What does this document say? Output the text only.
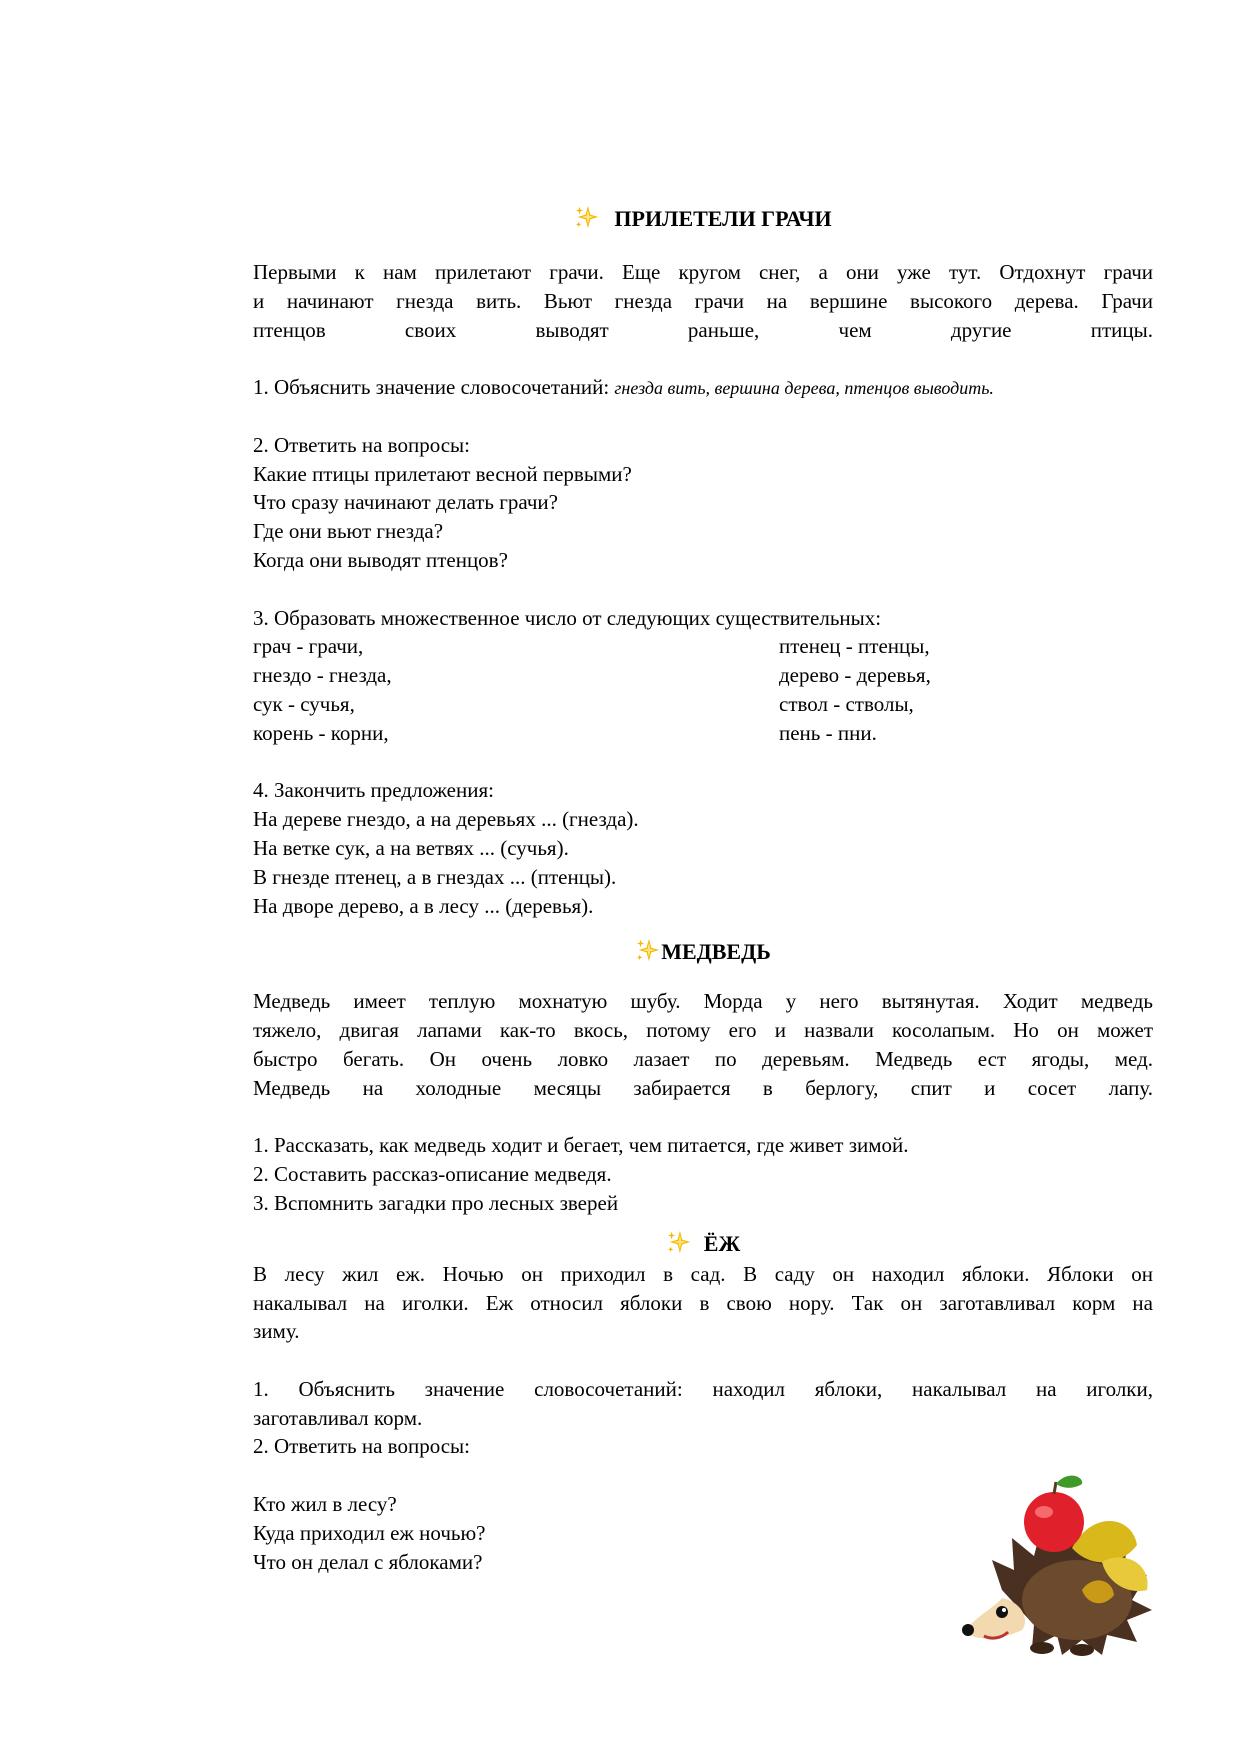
ПРИЛЕТЕЛИ ГРАЧИ
Первыми к нам прилетают грачи. Еще кругом снег, а они уже тут. Отдохнут грачи
и начинают гнезда вить. Вьют гнезда грачи на вершине высокого дерева. Грачи
птенцов своих выводят раньше, чем другие птицы.
1. Объяснить значение словосочетаний: гнезда вить, вершина дерева, птенцов выводить.
2. Ответить на вопросы:
Какие птицы прилетают весной первыми?
Что сразу начинают делать грачи?
Где они вьют гнезда?
Когда они выводят птенцов?
3. Образовать множественное число от следующих существительных:
грач - грачи,	птенец - птенцы,
гнездо - гнезда,	дерево - деревья,
сук - сучья,	ствол - стволы,
корень - корни,	пень - пни.
4. Закончить предложения:
На дереве гнездо, а на деревьях ... (гнезда).
На ветке сук, а на ветвях ... (сучья).
В гнезде птенец, а в гнездах ... (птенцы).
На дворе дерево, а в лесу ... (деревья).
МЕДВЕДЬ
Медведь имеет теплую мохнатую шубу. Морда у него вытянутая. Ходит медведь
тяжело, двигая лапами как-то вкось, потому его и назвали косолапым. Но он может
быстро бегать. Он очень ловко лазает по деревьям. Медведь ест ягоды, мед.
Медведь на холодные месяцы забирается в берлогу, спит и сосет лапу.
1. Рассказать, как медведь ходит и бегает, чем питается, где живет зимой.
2. Составить рассказ-описание медведя.
3. Вспомнить загадки про лесных зверей
ЁЖ
В лесу жил еж. Ночью он приходил в сад. В саду он находил яблоки. Яблоки он
накалывал на иголки. Еж относил яблоки в свою нору. Так он заготавливал корм на
зиму.
1. Объяснить значение словосочетаний: находил яблоки, накалывал на иголки,
заготавливал корм.
2. Ответить на вопросы:
Кто жил в лесу?
Куда приходил еж ночью?
Что он делал с яблоками?
